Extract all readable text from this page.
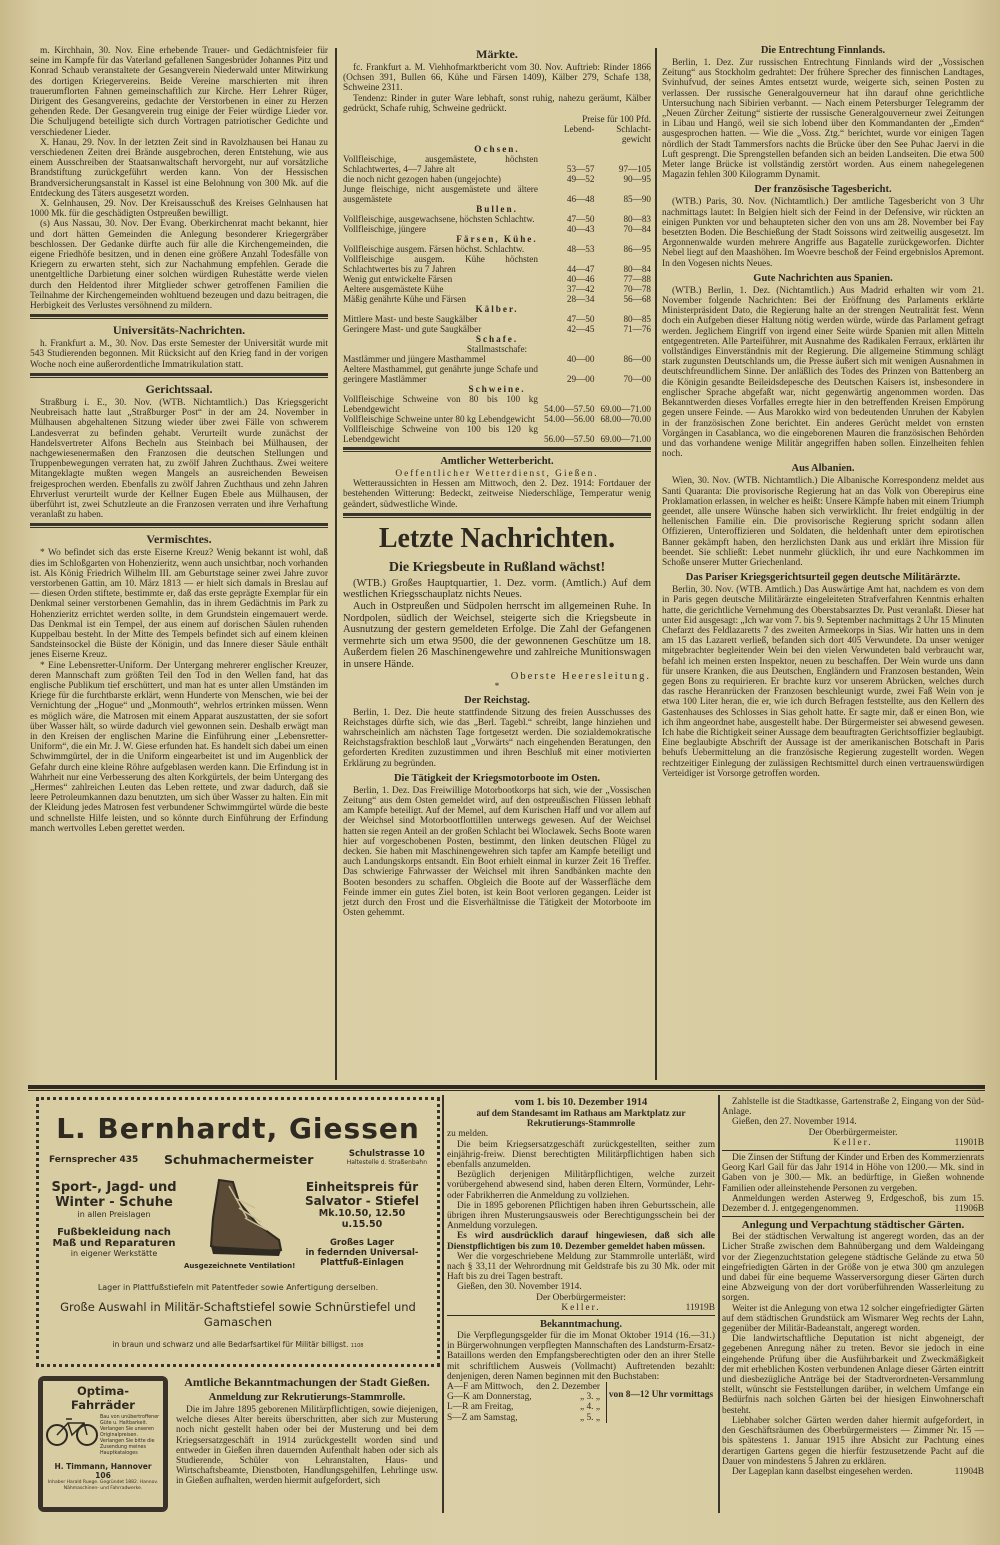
m. Kirchhain, 30. Nov. Eine erhebende Trauer- und Gedächtnisfeier für seine im Kampfe für das Vaterland gefallenen Sangesbrüder Johannes Pitz und Konrad Schaub veranstaltete der Gesangverein Niederwald unter Mitwirkung des dortigen Kriegervereins. Beide Vereine marschierten mit ihren trauerumflorten Fahnen gemeinschaftlich zur Kirche. Herr Lehrer Rüger, Dirigent des Gesangvereins, gedachte der Verstorbenen in einer zu Herzen gehenden Rede. Der Gesangverein trug einige der Feier würdige Lieder vor. Die Schuljugend beteiligte sich durch Vortragen patriotischer Gedichte und verschiedener Lieder.

X. Hanau, 29. Nov. In der letzten Zeit sind in Ravolzhausen bei Hanau zu verschiedenen Zeiten drei Brände ausgebrochen, deren Entstehung, wie aus einem Ausschreiben der Staatsanwaltschaft hervorgeht, nur auf vorsätzliche Brandstiftung zurückgeführt werden kann. Von der Hessischen Brandversicherungsanstalt in Kassel ist eine Belohnung von 300 Mk. auf die Entdeckung des Täters ausgesetzt worden.

X. Gelnhausen, 29. Nov. Der Kreisausschuß des Kreises Gelnhausen hat 1000 Mk. für die geschädigten Ostpreußen bewilligt.

(s) Aus Nassau, 30. Nov. Der Evang. Oberkirchenrat macht bekannt, hier und dort hätten Gemeinden die Anlegung besonderer Kriegergräber beschlossen. Der Gedanke dürfte auch für alle die Kirchengemeinden, die eigene Friedhöfe besitzen, und in denen eine größere Anzahl Todesfälle von Kriegern zu erwarten steht, sich zur Nachahmung empfehlen. Gerade die unentgeltliche Darbietung einer solchen würdigen Ruhestätte werde vielen durch den Heldentod ihrer Mitglieder schwer getroffenen Familien die Teilnahme der Kirchengemeinden wohltuend bezeugen und dazu beitragen, die Herbigkeit des Verlustes versöhnend zu mildern.

Universitäts-Nachrichten.

h. Frankfurt a. M., 30. Nov. Das erste Semester der Universität wurde mit 543 Studierenden begonnen. Mit Rücksicht auf den Krieg fand in der vorigen Woche noch eine außerordentliche Immatrikulation statt.

Gerichtssaal.

Straßburg i. E., 30. Nov. (WTB. Nichtamtlich.) Das Kriegsgericht Neubreisach hatte laut „Straßburger Post“ in der am 24. November in Mülhausen abgehaltenen Sitzung wieder über zwei Fälle von schwerem Landesverrat zu befinden gehabt. Verurteilt wurde zunächst der Handelsvertreter Alfons Becheln aus Steinbach bei Mülhausen, der nachgewiesenermaßen den Franzosen die deutschen Stellungen und Truppenbewegungen verraten hat, zu zwölf Jahren Zuchthaus. Zwei weitere Mitangeklagte mußten wegen Mangels an ausreichenden Beweisen freigesprochen werden. Ebenfalls zu zwölf Jahren Zuchthaus und zehn Jahren Ehrverlust verurteilt wurde der Kellner Eugen Ebele aus Mülhausen, der überführt ist, zwei Schutzleute an die Franzosen verraten und ihre Verhaftung veranlaßt zu haben.

Vermischtes.

* Wo befindet sich das erste Eiserne Kreuz? Wenig bekannt ist wohl, daß dies im Schloßgarten von Hohenzieritz, wenn auch unsichtbar, noch vorhanden ist. Als König Friedrich Wilhelm III. am Geburtstage seiner zwei Jahre zuvor verstorbenen Gattin, am 10. März 1813 — er hielt sich damals in Breslau auf — diesen Orden stiftete, bestimmte er, daß das erste geprägte Exemplar für ein Denkmal seiner verstorbenen Gemahlin, das in ihrem Gedächtnis im Park zu Hohenzieritz errichtet werden sollte, in dem Grundstein eingemauert werde. Das Denkmal ist ein Tempel, der aus einem auf dorischen Säulen ruhenden Kuppelbau besteht. In der Mitte des Tempels befindet sich auf einem kleinen Sandsteinsockel die Büste der Königin, und das Innere dieser Säule enthält jenes Eiserne Kreuz.

* Eine Lebensretter-Uniform. Der Untergang mehrerer englischer Kreuzer, deren Mannschaft zum größten Teil den Tod in den Wellen fand, hat das englische Publikum tief erschüttert, und man hat es unter allen Umständen im Kriege für die furchtbarste erklärt, wenn Hunderte von Menschen, wie bei der Vernichtung der „Hogue“ und „Monmouth“, wehrlos ertrinken müssen. Wenn es möglich wäre, die Matrosen mit einem Apparat auszustatten, der sie sofort über Wasser hält, so würde dadurch viel gewonnen sein. Deshalb erwägt man in den Kreisen der englischen Marine die Einführung einer „Lebensretter-Uniform“, die ein Mr. J. W. Giese erfunden hat. Es handelt sich dabei um einen Schwimmgürtel, der in die Uniform eingearbeitet ist und im Augenblick der Gefahr durch eine kleine Röhre aufgeblasen werden kann. Die Erfindung ist in Wahrheit nur eine Verbesserung des alten Korkgürtels, der beim Untergang des „Hermes“ zahlreichen Leuten das Leben rettete, und zwar dadurch, daß sie leere Petroleumkannen dazu benutzten, um sich über Wasser zu halten. Ein mit der Kleidung jedes Matrosen fest verbundener Schwimmgürtel würde die beste und schnellste Hilfe leisten, und so könnte durch Einführung der Erfindung manch wertvolles Leben gerettet werden.

Märkte.

fc. Frankfurt a. M. Viehhofmarktbericht vom 30. Nov. Auftrieb: Rinder 1866 (Ochsen 391, Bullen 66, Kühe und Färsen 1409), Kälber 279, Schafe 138, Schweine 2311.

Tendenz: Rinder in guter Ware lebhaft, sonst ruhig, nahezu geräumt, Kälber gedrückt, Schafe ruhig, Schweine gedrückt.

	Preise für 100 Pfd.	
	Lebend-	Schlacht-
		gewicht
Ochsen.		
Vollfleischige, ausgemästete, höchsten Schlachtwertes, 4—7 Jahre alt	53—57	97—105
die noch nicht gezogen haben (ungejochte)	49—52	90—95
Junge fleischige, nicht ausgemästete und ältere ausgemästete	46—48	85—90
Bullen.		
Vollfleischige, ausgewachsene, höchsten Schlachtw.	47—50	80—83
Vollfleischige, jüngere	40—43	70—84
Färsen, Kühe.		
Vollfleischige ausgem. Färsen höchst. Schlachtw.	48—53	86—95
Vollfleischige ausgem. Kühe höchsten Schlachtwertes bis zu 7 Jahren	44—47	80—84
Wenig gut entwickelte Färsen	40—46	77—88
Aeltere ausgemästete Kühe	37—42	70—78
Mäßig genährte Kühe und Färsen	28—34	56—68
Kälber.		
Mittlere Mast- und beste Saugkälber	47—50	80—85
Geringere Mast- und gute Saugkälber	42—45	71—76
Schafe.		
Stallmastschafe:		
Mastlämmer und jüngere Masthammel	40—00	86—00
Aeltere Masthammel, gut genährte junge Schafe und geringere Mastlämmer	29—00	70—00
Schweine.		
Vollfleischige Schweine von 80 bis 100 kg Lebendgewicht	54.00—57.50	69.00—71.00
Vollfleischige Schweine unter 80 kg Lebendgewicht	54.00—56.00	68.00—70.00
Vollfleischige Schweine von 100 bis 120 kg Lebendgewicht	56.00—57.50	69.00—71.00
Amtlicher Wetterbericht.
Oeffentlicher Wetterdienst, Gießen.

Wetteraussichten in Hessen am Mittwoch, den 2. Dez. 1914: Fortdauer der bestehenden Witterung: Bedeckt, zeitweise Niederschläge, Temperatur wenig geändert, südwestliche Winde.

Letzte Nachrichten.
Die Kriegsbeute in Rußland wächst!

(WTB.) Großes Hauptquartier, 1. Dez. vorm. (Amtlich.) Auf dem westlichen Kriegsschauplatz nichts Neues.

Auch in Ostpreußen und Südpolen herrscht im allgemeinen Ruhe. In Nordpolen, südlich der Weichsel, steigerte sich die Kriegsbeute in Ausnutzung der gestern gemeldeten Erfolge. Die Zahl der Gefangenen vermehrte sich um etwa 9500, die der gewonnenen Geschütze um 18. Außerdem fielen 26 Maschinengewehre und zahlreiche Munitionswagen in unsere Hände.

Oberste Heeresleitung.
*
Der Reichstag.

Berlin, 1. Dez. Die heute stattfindende Sitzung des freien Ausschusses des Reichstages dürfte sich, wie das „Berl. Tagebl.“ schreibt, lange hinziehen und wahrscheinlich am nächsten Tage fortgesetzt werden. Die sozialdemokratische Reichstagsfraktion beschloß laut „Vorwärts“ nach eingehenden Beratungen, den geforderten Krediten zuzustimmen und ihren Beschluß mit einer motivierten Erklärung zu begründen.

Die Tätigkeit der Kriegsmotorboote im Osten.

Berlin, 1. Dez. Das Freiwillige Motorbootkorps hat sich, wie der „Vossischen Zeitung“ aus dem Osten gemeldet wird, auf den ostpreußischen Flüssen lebhaft am Kampfe beteiligt. Auf der Memel, auf dem Kurischen Haff und vor allem auf der Weichsel sind Motorbootflottillen unterwegs gewesen. Auf der Weichsel hatten sie regen Anteil an der großen Schlacht bei Wloclawek. Sechs Boote waren hier auf vorgeschobenen Posten, bestimmt, den linken deutschen Flügel zu decken. Sie haben mit Maschinengewehren sich tapfer am Kampfe beteiligt und auch Landungskorps entsandt. Ein Boot erhielt einmal in kurzer Zeit 16 Treffer. Das schwierige Fahrwasser der Weichsel mit ihren Sandbänken machte den Booten besonders zu schaffen. Obgleich die Boote auf der Wasserfläche dem Feinde immer ein gutes Ziel boten, ist kein Boot verloren gegangen. Leider ist jetzt durch den Frost und die Eisverhältnisse die Tätigkeit der Motorboote im Osten gehemmt.

Die Entrechtung Finnlands.

Berlin, 1. Dez. Zur russischen Entrechtung Finnlands wird der „Vossischen Zeitung“ aus Stockholm gedrahtet: Der frühere Sprecher des finnischen Landtages, Svinhufvud, der seines Amtes entsetzt wurde, weigerte sich, seinen Posten zu verlassen. Der russische Generalgouverneur hat ihn darauf ohne gerichtliche Untersuchung nach Sibirien verbannt. — Nach einem Petersburger Telegramm der „Neuen Zürcher Zeitung“ sistierte der russische Generalgouverneur zwei Zeitungen in Libau und Hangö, weil sie sich lobend über den Kommandanten der „Emden“ ausgesprochen hatten. — Wie die „Voss. Ztg.“ berichtet, wurde vor einigen Tagen nördlich der Stadt Tammersfors nachts die Brücke über den See Puhac Jaervi in die Luft gesprengt. Die Sprengstellen befanden sich an beiden Landseiten. Die etwa 500 Meter lange Brücke ist vollständig zerstört worden. Aus einem nahegelegenen Magazin fehlen 300 Kilogramm Dynamit.

Der französische Tagesbericht.

(WTB.) Paris, 30. Nov. (Nichtamtlich.) Der amtliche Tagesbericht von 3 Uhr nachmittags lautet: In Belgien hielt sich der Feind in der Defensive, wir rückten an einigen Punkten vor und behaupteten sicher den von uns am 28. November bei Fay besetzten Boden. Die Beschießung der Stadt Soissons wird zeitweilig ausgesetzt. Im Argonnenwalde wurden mehrere Angriffe aus Bagatelle zurückgeworfen. Dichter Nebel liegt auf den Maashöhen. Im Woevre beschoß der Feind ergebnislos Apremont. In den Vogesen nichts Neues.

Gute Nachrichten aus Spanien.

(WTB.) Berlin, 1. Dez. (Nichtamtlich.) Aus Madrid erhalten wir vom 21. November folgende Nachrichten: Bei der Eröffnung des Parlaments erklärte Ministerpräsident Dato, die Regierung halte an der strengen Neutralität fest. Wenn doch ein Aufgeben dieser Haltung nötig werden würde, würde das Parlament gefragt werden. Jeglichem Eingriff von irgend einer Seite würde Spanien mit allen Mitteln entgegentreten. Alle Parteiführer, mit Ausnahme des Radikalen Ferraux, erklärten ihr vollständiges Einverständnis mit der Regierung. Die allgemeine Stimmung schlägt stark zugunsten Deutschlands um, die Presse äußert sich mit wenigen Ausnahmen in deutschfreundlichem Sinne. Der anläßlich des Todes des Prinzen von Battenberg an die Königin gesandte Beileidsdepesche des Deutschen Kaisers ist, insbesondere in englischer Sprache abgefaßt war, nicht gegenwärtig angenommen worden. Das Bekanntwerden dieses Vorfalles erregte hier in den betreffenden Kreisen Empörung gegen unsere Feinde. — Aus Marokko wird von bedeutenden Unruhen der Kabylen in der französischen Zone berichtet. Ein anderes Gerücht meldet von ernsten Vorgängen in Casablanca, wo die eingeborenen Mauren die französischen Behörden und das vorhandene wenige Militär angegriffen haben sollen. Einzelheiten fehlen noch.

Aus Albanien.

Wien, 30. Nov. (WTB. Nichtamtlich.) Die Albanische Korrespondenz meldet aus Santi Quaranta: Die provisorische Regierung hat an das Volk von Oberepirus eine Proklamation erlassen, in welcher es heißt: Unsere Kämpfe haben mit einem Triumph geendet, alle unsere Wünsche haben sich verwirklicht. Ihr freiet endgültig in der hellenischen Familie ein. Die provisorische Regierung spricht sodann allen Offizieren, Unteroffizieren und Soldaten, die heldenhaft unter dem epirotischen Banner gekämpft haben, den herzlichsten Dank aus und erklärt ihre Mission für beendet. Sie schließt: Lebet nunmehr glücklich, ihr und eure Nachkommen im Schoße unserer Mutter Griechenland.

Das Pariser Kriegsgerichtsurteil gegen deutsche Militärärzte.

Berlin, 30. Nov. (WTB. Amtlich.) Das Auswärtige Amt hat, nachdem es von dem in Paris gegen deutsche Militärärzte eingeleiteten Strafverfahren Kenntnis erhalten hatte, die gerichtliche Vernehmung des Oberstabsarztes Dr. Pust veranlaßt. Dieser hat unter Eid ausgesagt: „Ich war vom 7. bis 9. September nachmittags 2 Uhr 15 Minuten Chefarzt des Feldlazaretts 7 des zweiten Armeekorps in Sias. Wir hatten uns in dem am 15 das Lazarett verließ, befanden sich dort 405 Verwundete. Da unser weniger mitgebrachter begleitender Wein bei den vielen Verwundeten bald verbraucht war, befahl ich meinen ersten Inspektor, neuen zu beschaffen. Der Wein wurde uns dann für unsere Kranken, die aus Deutschen, Engländern und Franzosen bestanden, Wein gegen Bons zu requirieren. Er brachte kurz vor unserem Abrücken, welches durch das rasche Heranrücken der Franzosen beschleunigt wurde, zwei Faß Wein von je etwa 100 Liter heran, die er, wie ich durch Befragen feststellte, aus den Kellern des Gastenhauses des Schlosses in Sias geholt hatte. Er sagte mir, daß er einen Bon, wie ich ihm angeordnet habe, ausgestellt habe. Der Bürgermeister sei abwesend gewesen. Ich habe die Richtigkeit seiner Aussage dem beauftragten Gerichtsoffizier beglaubigt. Eine beglaubigte Abschrift der Aussage ist der amerikanischen Botschaft in Paris behufs Uebermittelung an die französische Regierung zugestellt worden. Wegen rechtzeitiger Einlegung der zulässigen Rechtsmittel durch einen vertrauenswürdigen Verteidiger ist Vorsorge getroffen worden.

L. Bernhardt, Giessen
Fernsprecher 435 Schuhmachermeister	Schulstrasse 10
Haltestelle d. Straßenbahn
Sport-, Jagd- und
Winter - Schuhe
in allen Preislagen
Fußbekleidung nach
Maß und Reparaturen
in eigener Werkstätte
Ausgezeichnete Ventilation!
Einheitspreis für
Salvator - Stiefel
Mk.10.50, 12.50 u.15.50
Großes Lager
in federnden Universal-
Plattfuß-Einlagen
Lager in Plattfußstiefeln mit Patentfeder sowie Anfertigung derselben.
Große Auswahl in Militär-Schaftstiefel sowie Schnürstiefel und Gamaschen
in braun und schwarz und alle Bedarfsartikel für Militär billigst. 1108
Optima-Fahrräder
Bau von unübertroffener Güte u. Haltbarkeit. Verlangen Sie unseren Originalpreisen. Verlangen Sie bitte die Zusendung meines Hauptkataloges
H. Timmann, Hannover 106
Inhaber Harald Ruege. Gegründet 1882. Hannov. Nähmaschinen- und Fahrradwerke.
Amtliche Bekanntmachungen der Stadt Gießen.
Anmeldung zur Rekrutierungs-Stammrolle.

Die im Jahre 1895 geborenen Militärpflichtigen, sowie diejenigen, welche dieses Alter bereits überschritten, aber sich zur Musterung noch nicht gestellt haben oder bei der Musterung und bei dem Kriegsersatzgeschäft in 1914 zurückgestellt worden sind und entweder in Gießen ihren dauernden Aufenthalt haben oder sich als Studierende, Schüler von Lehranstalten, Haus- und Wirtschaftsbeamte, Dienstboten, Handlungsgehilfen, Lehrlinge usw. in Gießen aufhalten, werden hiermit aufgefordert, sich

vom 1. bis 10. Dezember 1914
auf dem Standesamt im Rathaus am Marktplatz zur Rekrutierungs-Stammrolle
zu melden.

Die beim Kriegsersatzgeschäft zurückgestellten, seither zum einjährig-freiw. Dienst berechtigten Militärpflichtigen haben sich ebenfalls anzumelden.

Bezüglich derjenigen Militärpflichtigen, welche zurzeit vorübergehend abwesend sind, haben deren Eltern, Vormünder, Lehr- oder Fabrikherren die Anmeldung zu vollziehen.

Die in 1895 geborenen Pflichtigen haben ihren Geburtsschein, alle übrigen ihren Musterungsausweis oder Berechtigungsschein bei der Anmeldung vorzulegen.

Es wird ausdrücklich darauf hingewiesen, daß sich alle Dienstpflichtigen bis zum 10. Dezember gemeldet haben müssen.

Wer die vorgeschriebene Meldung zur Stammrolle unterläßt, wird nach § 33,11 der Wehrordnung mit Geldstrafe bis zu 30 Mk. oder mit Haft bis zu drei Tagen bestraft.

Gießen, den 30. November 1914.

Der Oberbürgermeister:
Keller.	11919B
Bekanntmachung.

Die Verpflegungsgelder für die im Monat Oktober 1914 (16.—31.) in Bürgerwohnungen verpflegten Mannschaften des Landsturm-Ersatz-Bataillons werden den Empfangsberechtigten oder den an ihrer Stelle mit schriftlichem Ausweis (Vollmacht) Auftretenden bezahlt: denjenigen, deren Namen beginnen mit den Buchstaben:

A—F am Mittwoch, den 2. Dezember
G—K am Donnerstag,	„ 3. „
L—R am Freitag,	„ 4. „
S—Z am Samstag,	„ 5. „
von 8—12 Uhr vormittags

Zahlstelle ist die Stadtkasse, Gartenstraße 2, Eingang von der Süd-Anlage.

Gießen, den 27. November 1914.

Der Oberbürgermeister.
Keller.	11901B

Die Zinsen der Stiftung der Kinder und Erben des Kommerzienrats Georg Karl Gail für das Jahr 1914 in Höhe von 1200.— Mk. sind in Gaben von je 300.— Mk. an bedürftige, in Gießen wohnende Familien oder alleinstehende Personen zu vergeben.

Anmeldungen werden Asterweg 9, Erdgeschoß, bis zum 15. Dezember d. J. entgegengenommen.	11906B
Anlegung und Verpachtung städtischer Gärten.

Bei der städtischen Verwaltung ist angeregt worden, das an der Licher Straße zwischen dem Bahnübergang und dem Waldeingang vor der Ziegenzuchtstation gelegene städtische Gelände zu etwa 50 eingefriedigten Gärten in der Größe von je etwa 300 qm anzulegen und dabei für eine bequeme Wasserversorgung dieser Gärten durch eine Abzweigung von der dort vorüberführenden Wasserleitung zu sorgen.

Weiter ist die Anlegung von etwa 12 solcher eingefriedigter Gärten auf dem städtischen Grundstück am Wismarer Weg rechts der Lahn, gegenüber der Militär-Badeanstalt, angeregt worden.

Die landwirtschaftliche Deputation ist nicht abgeneigt, der gegebenen Anregung näher zu treten. Bevor sie jedoch in eine eingehende Prüfung über die Ausführbarkeit und Zweckmäßigkeit der mit erheblichen Kosten verbundenen Anlage dieser Gärten eintritt und diesbezügliche Anträge bei der Stadtverordneten-Versammlung stellt, wünscht sie Feststellungen darüber, in welchem Umfange ein Bedürfnis nach solchen Gärten bei der hiesigen Einwohnerschaft besteht.

Liebhaber solcher Gärten werden daher hiermit aufgefordert, in den Geschäftsräumen des Oberbürgermeisters — Zimmer Nr. 15 — bis spätestens 1. Januar 1915 ihre Absicht zur Pachtung eines derartigen Gartens gegen die hierfür festzusetzende Pacht auf die Dauer von mindestens 5 Jahren zu erklären.

Der Lageplan kann daselbst eingesehen werden.	11904B
